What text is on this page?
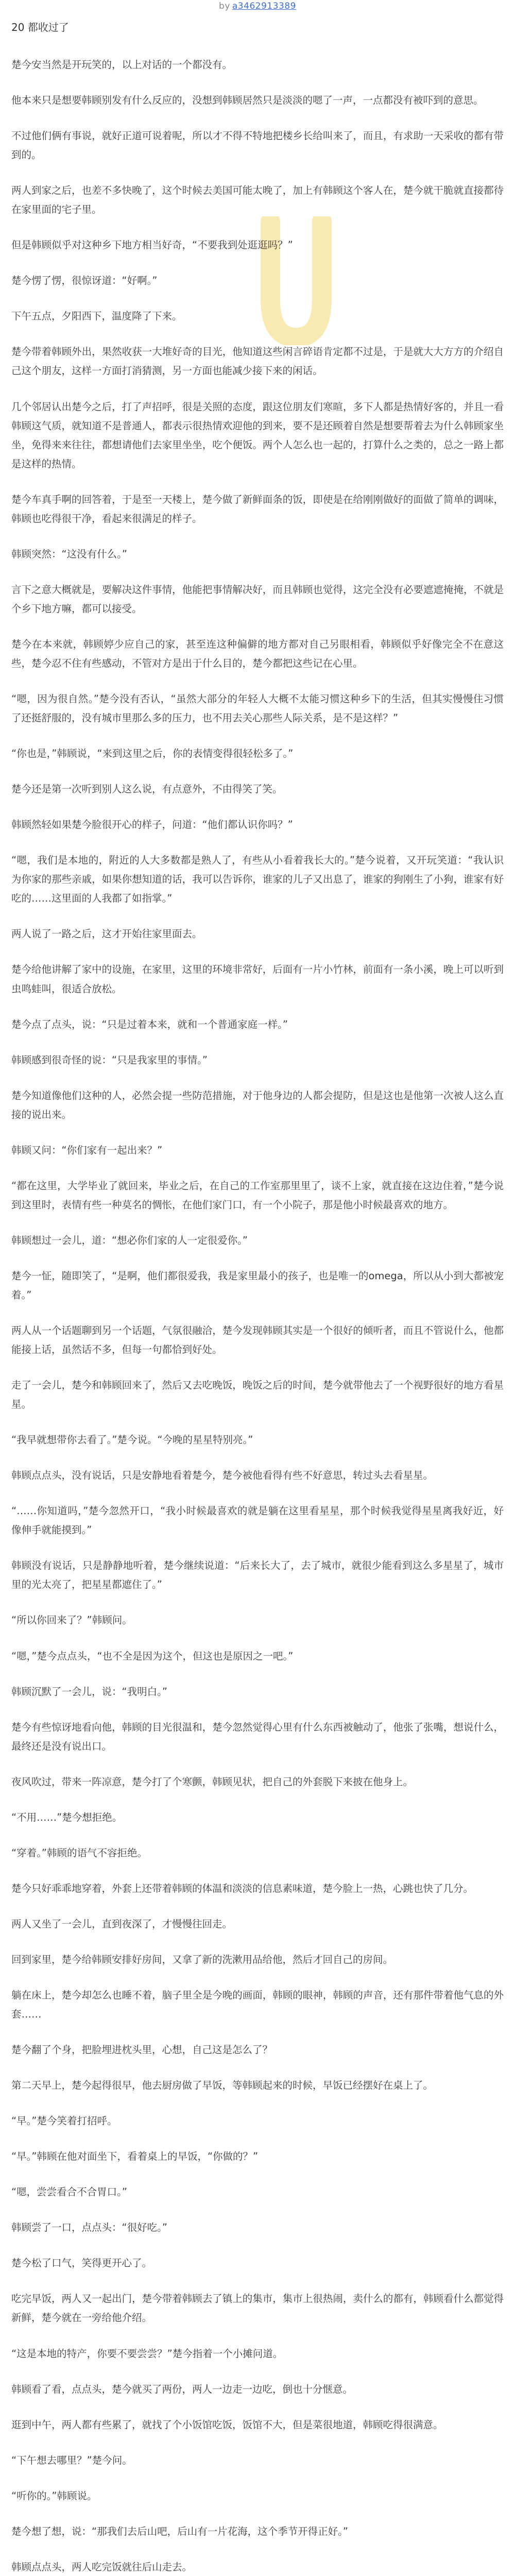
by a3462913389
20 都收过了

楚今安当然是开玩笑的，以上对话的一个都没有。

他本来只是想要韩顾别发有什么反应的，没想到韩顾居然只是淡淡的嗯了一声，一点都没有被吓到的意思。

不过他们俩有事说，就好正道可说着呢，所以才不得不特地把楼乡长给叫来了，而且，有求助一天采收的都有带到的。

两人到家之后，也差不多快晚了，这个时候去美国可能太晚了，加上有韩顾这个客人在，楚今就干脆就直接都待在家里面的宅子里。

但是韩顾似乎对这种乡下地方相当好奇，“不要我到处逛逛吗？”

楚今愣了愣，很惊讶道：“好啊。”

下午五点，夕阳西下，温度降了下来。

楚今带着韩顾外出，果然收获一大堆好奇的目光，他知道这些闲言碎语肯定都不过是，于是就大大方方的介绍自己这个朋友，这样一方面打消猜测，另一方面也能减少接下来的闲话。

几个邻居认出楚今之后，打了声招呼，很是关照的态度，跟这位朋友们寒暄，多下人都是热情好客的，并且一看韩顾这气质，就知道不是普通人，都表示很热情欢迎他的到来，要不是还顾着自然是想要帮着去为什么韩顾家坐坐，免得来来往往，都想请他们去家里坐坐，吃个便饭。两个人怎么也一起的，打算什么之类的，总之一路上都是这样的热情。

楚今车真手啊的回答着，于是至一天楼上，楚今做了新鲜面条的饭，即使是在给刚刚做好的面做了简单的调味，韩顾也吃得很干净，看起来很满足的样子。

韩顾突然：“这没有什么。”

言下之意大概就是，要解决这件事情，他能把事情解决好，而且韩顾也觉得，这完全没有必要遮遮掩掩，不就是个乡下地方嘛，都可以接受。

楚今在本来就，韩顾婷少应自己的家，甚至连这种偏僻的地方都对自己另眼相看，韩顾似乎好像完全不在意这些，楚今忍不住有些感动，不管对方是出于什么目的，楚今都把这些记在心里。

“嗯，因为很自然。”楚今没有否认，“虽然大部分的年轻人大概不太能习惯这种乡下的生活，但其实慢慢住习惯了还挺舒服的，没有城市里那么多的压力，也不用去关心那些人际关系，是不是这样？”

“你也是，”韩顾说，“来到这里之后，你的表情变得很轻松多了。”

楚今还是第一次听到别人这么说，有点意外，不由得笑了笑。

韩顾然轻如果楚今脸很开心的样子，问道：“他们都认识你吗？”

“嗯，我们是本地的，附近的人大多数都是熟人了，有些从小看着我长大的。”楚今说着，又开玩笑道：“我认识为你家的那些亲戚，如果你想知道的话，我可以告诉你，谁家的儿子又出息了，谁家的狗刚生了小狗，谁家有好吃的……这里面的人我都了如指掌。”

两人说了一路之后，这才开始往家里面去。

楚今给他讲解了家中的设施，在家里，这里的环境非常好，后面有一片小竹林，前面有一条小溪，晚上可以听到虫鸣蛙叫，很适合放松。

楚今点了点头，说：“只是过着本来，就和一个普通家庭一样。”

韩顾感到很奇怪的说：“只是我家里的事情。”

楚今知道像他们这种的人，必然会提一些防范措施，对于他身边的人都会提防，但是这也是他第一次被人这么直接的说出来。

韩顾又问：“你们家有一起出来？”

“都在这里，大学毕业了就回来，毕业之后，在自己的工作室那里里了，谈不上家，就直接在这边住着，”楚今说到这里时，表情有些一种莫名的惆怅，在他们家门口，有一个小院子，那是他小时候最喜欢的地方。

韩顾想过一会儿，道：“想必你们家的人一定很爱你。”

楚今一怔，随即笑了，“是啊，他们都很爱我，我是家里最小的孩子，也是唯一的omega，所以从小到大都被宠着。”

两人从一个话题聊到另一个话题，气氛很融洽，楚今发现韩顾其实是一个很好的倾听者，而且不管说什么，他都能接上话，虽然话不多，但每一句都恰到好处。

走了一会儿，楚今和韩顾回来了，然后又去吃晚饭，晚饭之后的时间，楚今就带他去了一个视野很好的地方看星星。

“我早就想带你去看了。”楚今说。“今晚的星星特别亮。”

韩顾点点头，没有说话，只是安静地看着楚今，楚今被他看得有些不好意思，转过头去看星星。

“……你知道吗，”楚今忽然开口，“我小时候最喜欢的就是躺在这里看星星，那个时候我觉得星星离我好近，好像伸手就能摸到。”

韩顾没有说话，只是静静地听着，楚今继续说道：“后来长大了，去了城市，就很少能看到这么多星星了，城市里的光太亮了，把星星都遮住了。”

“所以你回来了？”韩顾问。

“嗯，”楚今点点头，“也不全是因为这个，但这也是原因之一吧。”

韩顾沉默了一会儿，说：“我明白。”

楚今有些惊讶地看向他，韩顾的目光很温和，楚今忽然觉得心里有什么东西被触动了，他张了张嘴，想说什么，最终还是没有说出口。

夜风吹过，带来一阵凉意，楚今打了个寒颤，韩顾见状，把自己的外套脱下来披在他身上。

“不用……”楚今想拒绝。

“穿着。”韩顾的语气不容拒绝。

楚今只好乖乖地穿着，外套上还带着韩顾的体温和淡淡的信息素味道，楚今脸上一热，心跳也快了几分。

两人又坐了一会儿，直到夜深了，才慢慢往回走。

回到家里，楚今给韩顾安排好房间，又拿了新的洗漱用品给他，然后才回自己的房间。

躺在床上，楚今却怎么也睡不着，脑子里全是今晚的画面，韩顾的眼神，韩顾的声音，还有那件带着他气息的外套……

楚今翻了个身，把脸埋进枕头里，心想，自己这是怎么了？

第二天早上，楚今起得很早，他去厨房做了早饭，等韩顾起来的时候，早饭已经摆好在桌上了。

“早。”楚今笑着打招呼。

“早。”韩顾在他对面坐下，看着桌上的早饭，“你做的？”

“嗯，尝尝看合不合胃口。”

韩顾尝了一口，点点头：“很好吃。”

楚今松了口气，笑得更开心了。

吃完早饭，两人又一起出门，楚今带着韩顾去了镇上的集市，集市上很热闹，卖什么的都有，韩顾看什么都觉得新鲜，楚今就在一旁给他介绍。

“这是本地的特产，你要不要尝尝？”楚今指着一个小摊问道。

韩顾看了看，点点头，楚今就买了两份，两人一边走一边吃，倒也十分惬意。

逛到中午，两人都有些累了，就找了个小饭馆吃饭，饭馆不大，但是菜很地道，韩顾吃得很满意。

“下午想去哪里？”楚今问。

“听你的。”韩顾说。

楚今想了想，说：“那我们去后山吧，后山有一片花海，这个季节开得正好。”

韩顾点点头，两人吃完饭就往后山走去。
